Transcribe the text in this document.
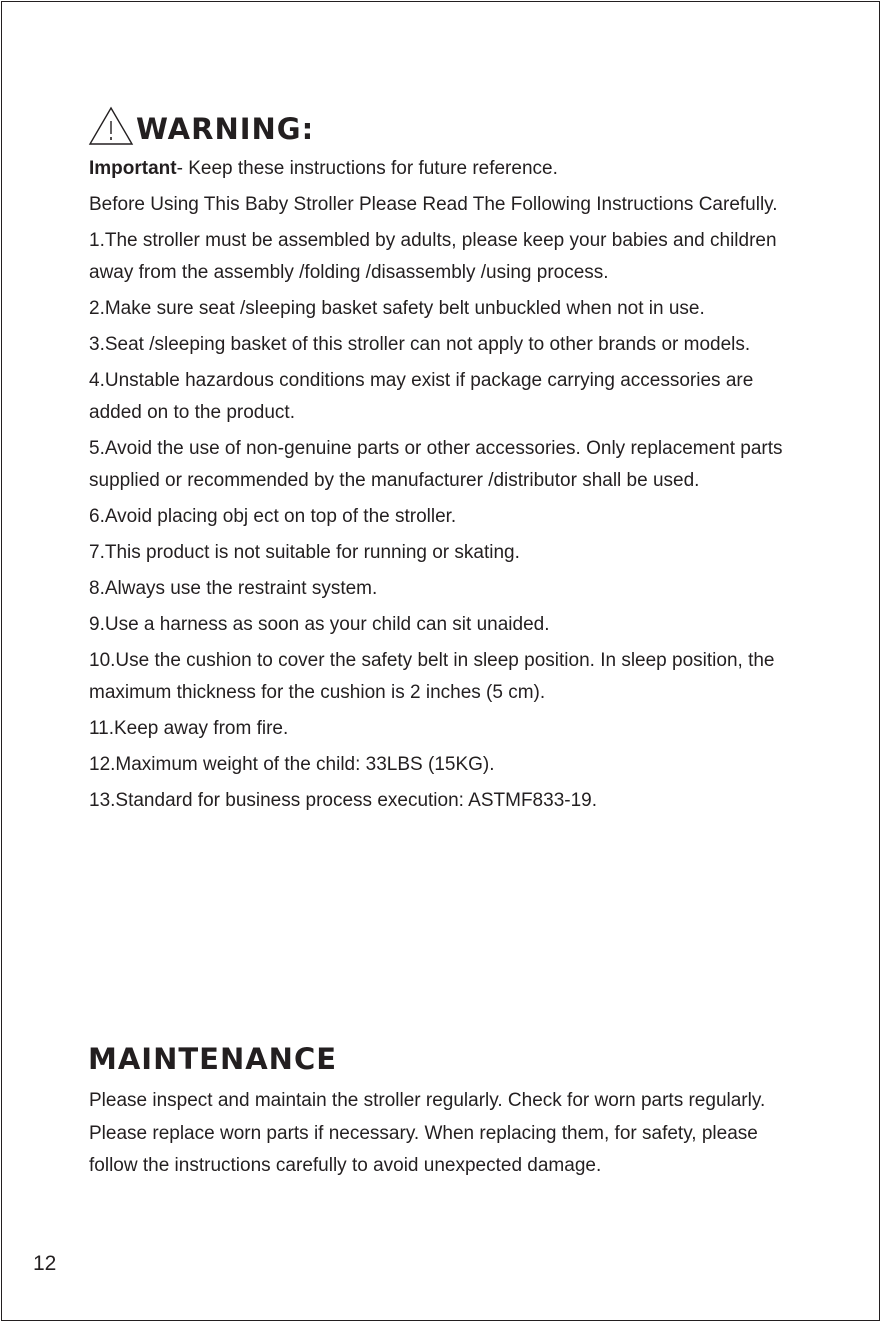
WARNING:

Important- Keep these instructions for future reference.

Before Using This Baby Stroller Please Read The Following Instructions Carefully.

1.The stroller must be assembled by adults, please keep your babies and children away from the assembly /folding /disassembly /using process.

2.Make sure seat /sleeping basket safety belt unbuckled when not in use.

3.Seat /sleeping basket of this stroller can not apply to other brands or models.

4.Unstable hazardous conditions may exist if package carrying accessories are added on to the product.

5.Avoid the use of non-genuine parts or other accessories. Only replacement parts supplied or recommended by the manufacturer /distributor shall be used.

6.Avoid placing obj ect on top of the stroller.

7.This product is not suitable for running or skating.

8.Always use the restraint system.

9.Use a harness as soon as your child can sit unaided.

10.Use the cushion to cover the safety belt in sleep position. In sleep position, the maximum thickness for the cushion is 2 inches (5 cm).

11.Keep away from fire.

12.Maximum weight of the child: 33LBS (15KG).

13.Standard for business process execution: ASTMF833-19.

MAINTENANCE
Please inspect and maintain the stroller regularly. Check for worn parts regularly. Please replace worn parts if necessary. When replacing them, for safety, please follow the instructions carefully to avoid unexpected damage.
12
